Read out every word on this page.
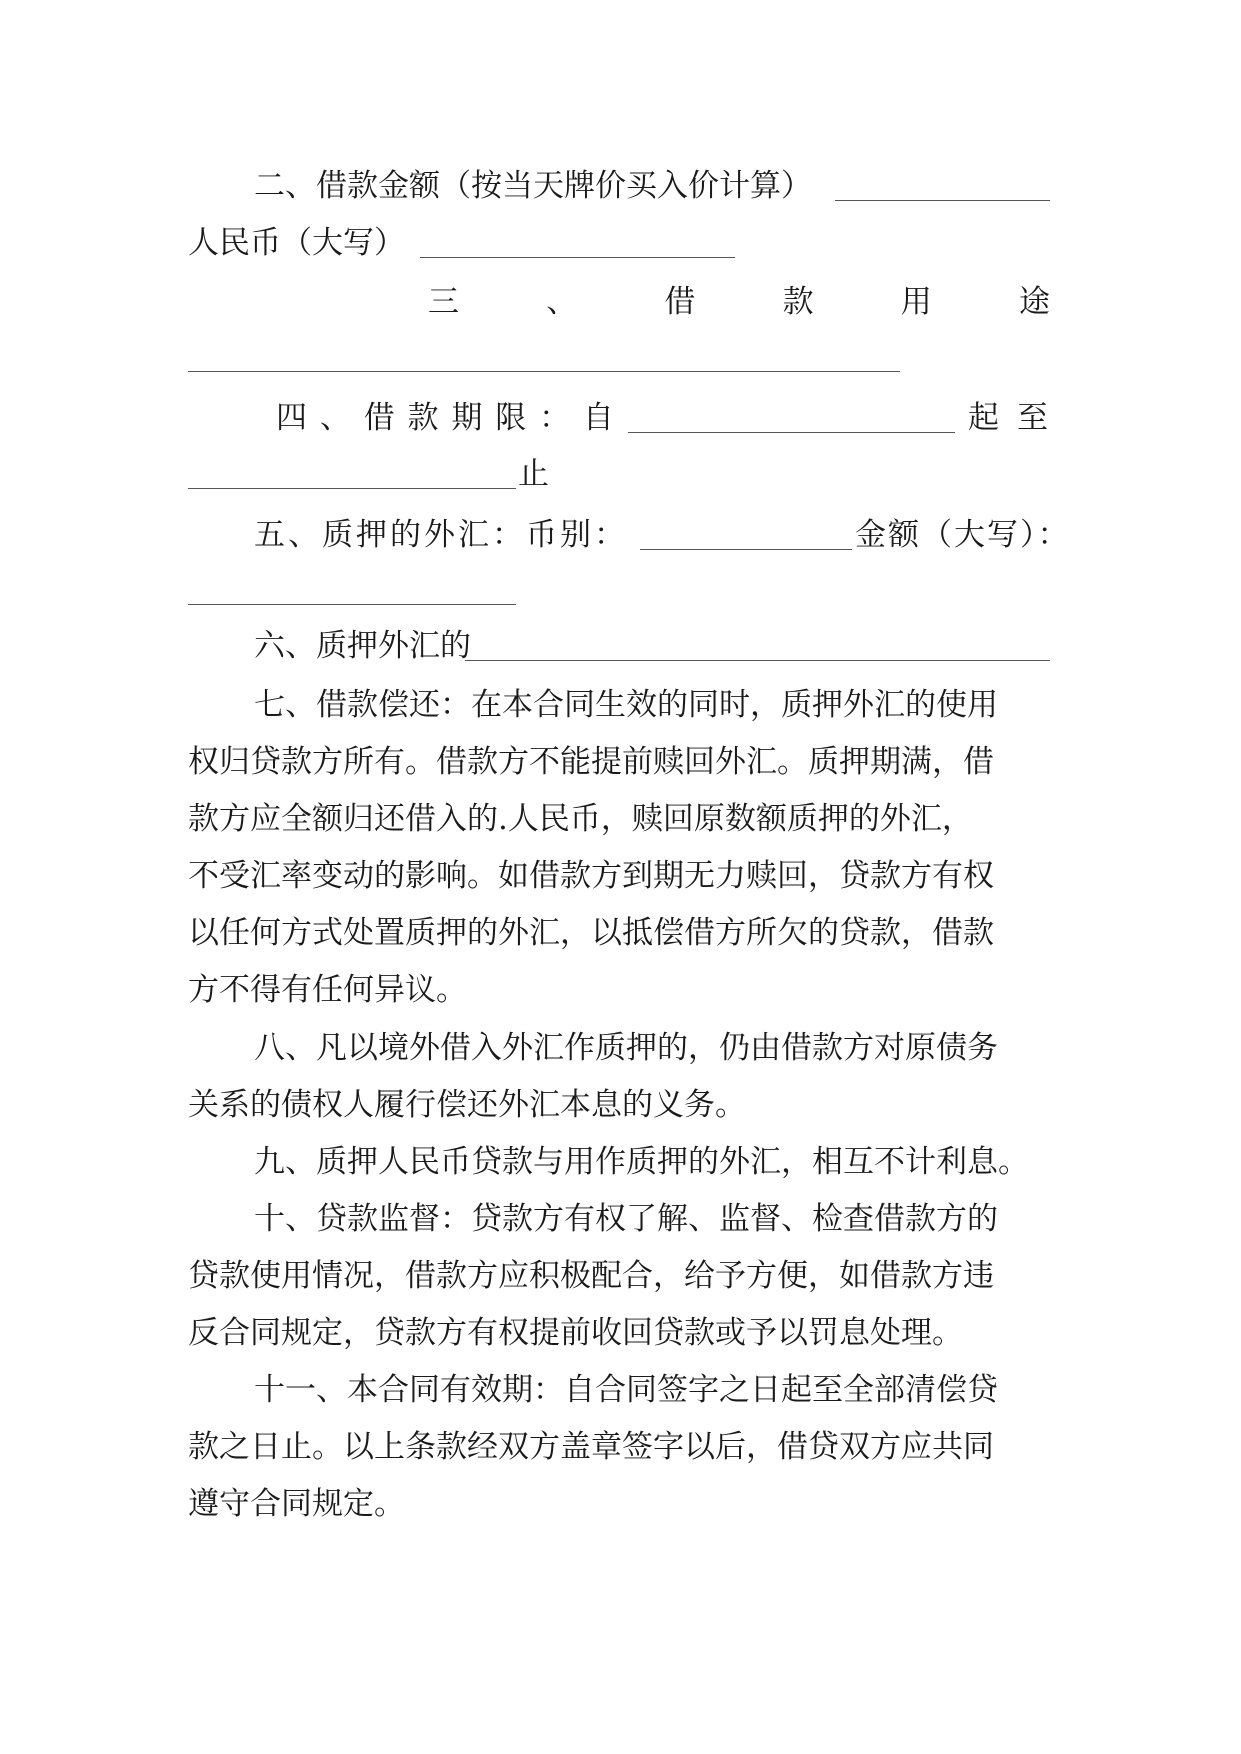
二、借款金额（按当天牌价买入价计算）
人民币（大写）
三	、	借	款	用	途
四 、 借 款 期 限 ： 自	起 至
止
五、质押的外汇：币别：	金额（大写）：
六、质押外汇的
七、借款偿还：在本合同生效的同时，质押外汇的使用
权归贷款方所有。借款方不能提前赎回外汇。质押期满，借
款方应全额归还借入的.人民币，赎回原数额质押的外汇，
不受汇率变动的影响。如借款方到期无力赎回，贷款方有权
以任何方式处置质押的外汇，以抵偿借方所欠的贷款，借款
方不得有任何异议。
八、凡以境外借入外汇作质押的，仍由借款方对原债务
关系的债权人履行偿还外汇本息的义务。
九、质押人民币贷款与用作质押的外汇，相互不计利息。
十、贷款监督：贷款方有权了解、监督、检查借款方的
贷款使用情况，借款方应积极配合，给予方便，如借款方违
反合同规定，贷款方有权提前收回贷款或予以罚息处理。
十一、本合同有效期：自合同签字之日起至全部清偿贷
款之日止。以上条款经双方盖章签字以后，借贷双方应共同
遵守合同规定。
